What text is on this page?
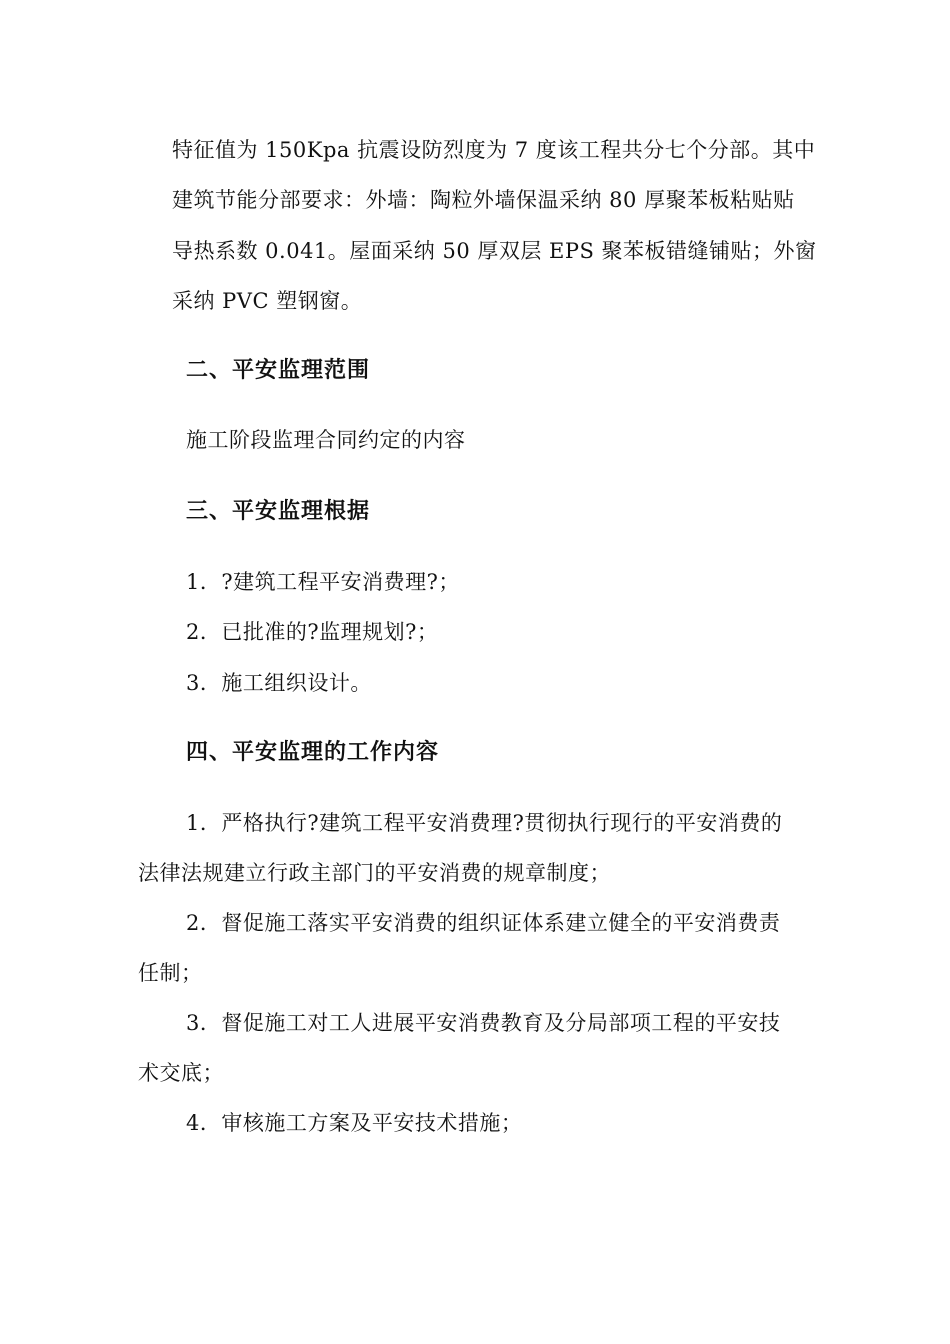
特征值为 150Kpa 抗震设防烈度为 7 度该工程共分七个分部。其中
建筑节能分部要求：外墙：陶粒外墙保温采纳 80 厚聚苯板粘贴贴
导热系数 0.041。屋面采纳 50 厚双层 EPS 聚苯板错缝铺贴；外窗
采纳 PVC 塑钢窗。
二、平安监理范围
施工阶段监理合同约定的内容
三、平安监理根据
1．?建筑工程平安消费理?；
2．已批准的?监理规划?；
3．施工组织设计。
四、平安监理的工作内容
1．严格执行?建筑工程平安消费理?贯彻执行现行的平安消费的
法律法规建立行政主部门的平安消费的规章制度；
2．督促施工落实平安消费的组织证体系建立健全的平安消费责
任制；
3．督促施工对工人进展平安消费教育及分局部项工程的平安技
术交底；
4．审核施工方案及平安技术措施；
